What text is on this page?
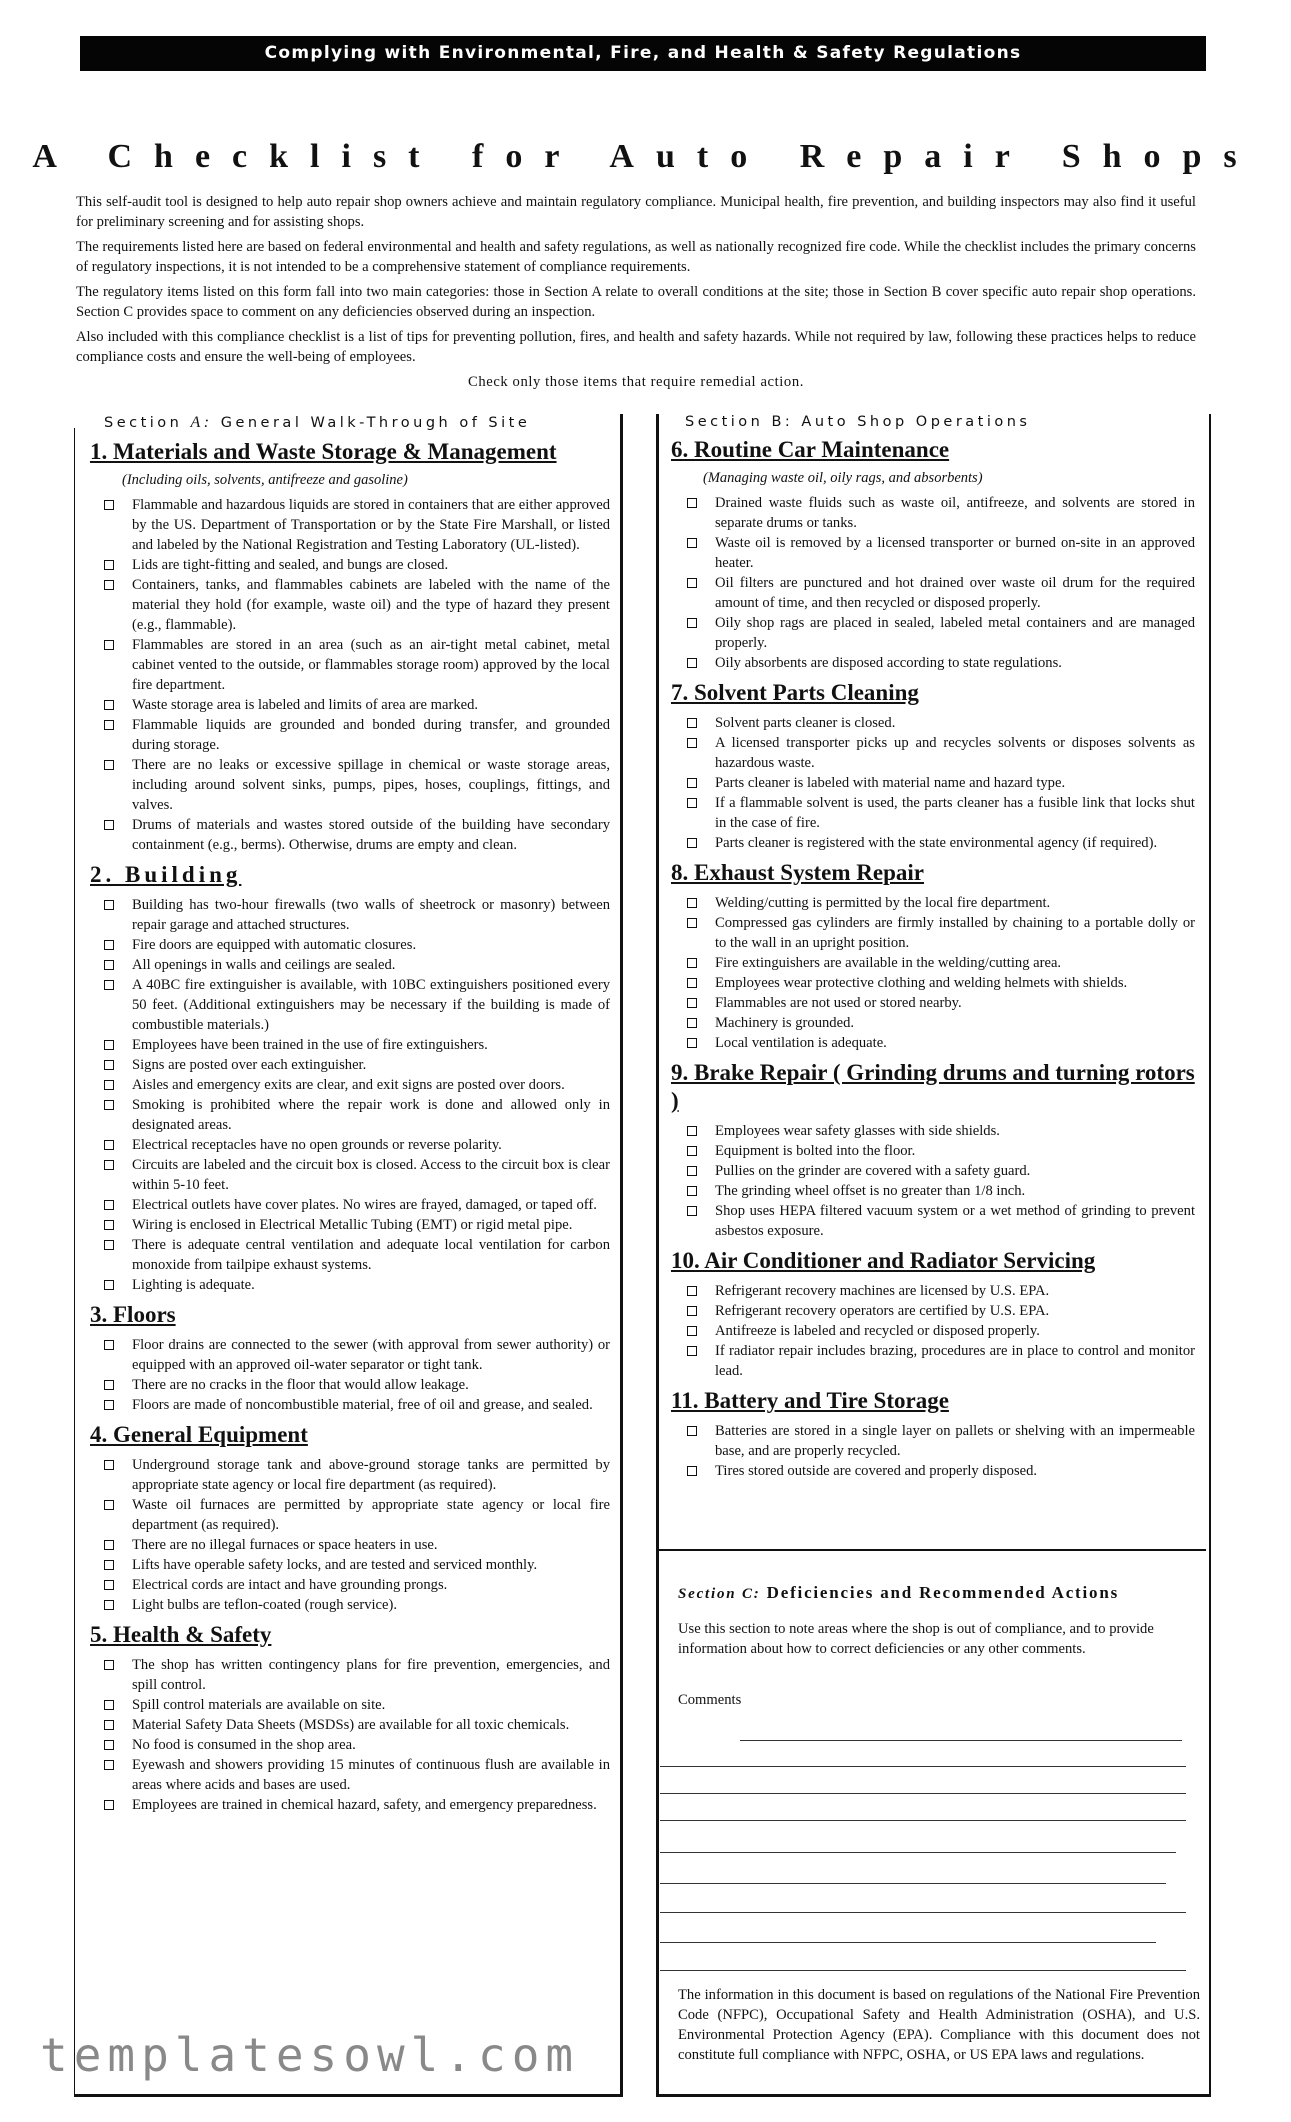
Complying with Environmental, Fire, and Health & Safety Regulations
A Checklist for Auto Repair Shops

This self-audit tool is designed to help auto repair shop owners achieve and maintain regulatory compliance. Municipal health, fire prevention, and building inspectors may also find it useful for preliminary screening and for assisting shops.

The requirements listed here are based on federal environmental and health and safety regulations, as well as nationally recognized fire code. While the checklist includes the primary concerns of regulatory inspections, it is not intended to be a comprehensive statement of compliance requirements.

The regulatory items listed on this form fall into two main categories: those in Section A relate to overall conditions at the site; those in Section B cover specific auto repair shop operations. Section C provides space to comment on any deficiencies observed during an inspection.

Also included with this compliance checklist is a list of tips for preventing pollution, fires, and health and safety hazards. While not required by law, following these practices helps to reduce compliance costs and ensure the well-being of employees.

Check only those items that require remedial action.

Section A: General Walk-Through of Site
1. Materials and Waste Storage & Management
(Including oils, solvents, antifreeze and gasoline)
Flammable and hazardous liquids are stored in containers that are either approved by the US. Department of Transportation or by the State Fire Marshall, or listed and labeled by the National Registration and Testing Laboratory (UL-listed).
Lids are tight-fitting and sealed, and bungs are closed.
Containers, tanks, and flammables cabinets are labeled with the name of the material they hold (for example, waste oil) and the type of hazard they present (e.g., flammable).
Flammables are stored in an area (such as an air-tight metal cabinet, metal cabinet vented to the outside, or flammables storage room) approved by the local fire department.
Waste storage area is labeled and limits of area are marked.
Flammable liquids are grounded and bonded during transfer, and grounded during storage.
There are no leaks or excessive spillage in chemical or waste storage areas, including around solvent sinks, pumps, pipes, hoses, couplings, fittings, and valves.
Drums of materials and wastes stored outside of the building have secondary containment (e.g., berms). Otherwise, drums are empty and clean.
2. Building
Building has two-hour firewalls (two walls of sheetrock or masonry) between repair garage and attached structures.
Fire doors are equipped with automatic closures.
All openings in walls and ceilings are sealed.
A 40BC fire extinguisher is available, with 10BC extinguishers positioned every 50 feet. (Additional extinguishers may be necessary if the building is made of combustible materials.)
Employees have been trained in the use of fire extinguishers.
Signs are posted over each extinguisher.
Aisles and emergency exits are clear, and exit signs are posted over doors.
Smoking is prohibited where the repair work is done and allowed only in designated areas.
Electrical receptacles have no open grounds or reverse polarity.
Circuits are labeled and the circuit box is closed. Access to the circuit box is clear within 5-10 feet.
Electrical outlets have cover plates. No wires are frayed, damaged, or taped off.
Wiring is enclosed in Electrical Metallic Tubing (EMT) or rigid metal pipe.
There is adequate central ventilation and adequate local ventilation for carbon monoxide from tailpipe exhaust systems.
Lighting is adequate.
3. Floors
Floor drains are connected to the sewer (with approval from sewer authority) or equipped with an approved oil-water separator or tight tank.
There are no cracks in the floor that would allow leakage.
Floors are made of noncombustible material, free of oil and grease, and sealed.
4. General Equipment
Underground storage tank and above-ground storage tanks are permitted by appropriate state agency or local fire department (as required).
Waste oil furnaces are permitted by appropriate state agency or local fire department (as required).
There are no illegal furnaces or space heaters in use.
Lifts have operable safety locks, and are tested and serviced monthly.
Electrical cords are intact and have grounding prongs.
Light bulbs are teflon-coated (rough service).
5. Health & Safety
The shop has written contingency plans for fire prevention, emergencies, and spill control.
Spill control materials are available on site.
Material Safety Data Sheets (MSDSs) are available for all toxic chemicals.
No food is consumed in the shop area.
Eyewash and showers providing 15 minutes of continuous flush are available in areas where acids and bases are used.
Employees are trained in chemical hazard, safety, and emergency preparedness.
Section B: Auto Shop Operations
6. Routine Car Maintenance
(Managing waste oil, oily rags, and absorbents)
Drained waste fluids such as waste oil, antifreeze, and solvents are stored in separate drums or tanks.
Waste oil is removed by a licensed transporter or burned on-site in an approved heater.
Oil filters are punctured and hot drained over waste oil drum for the required amount of time, and then recycled or disposed properly.
Oily shop rags are placed in sealed, labeled metal containers and are managed properly.
Oily absorbents are disposed according to state regulations.
7. Solvent Parts Cleaning
Solvent parts cleaner is closed.
A licensed transporter picks up and recycles solvents or disposes solvents as hazardous waste.
Parts cleaner is labeled with material name and hazard type.
If a flammable solvent is used, the parts cleaner has a fusible link that locks shut in the case of fire.
Parts cleaner is registered with the state environmental agency (if required).
8. Exhaust System Repair
Welding/cutting is permitted by the local fire department.
Compressed gas cylinders are firmly installed by chaining to a portable dolly or to the wall in an upright position.
Fire extinguishers are available in the welding/cutting area.
Employees wear protective clothing and welding helmets with shields.
Flammables are not used or stored nearby.
Machinery is grounded.
Local ventilation is adequate.
9. Brake Repair ( Grinding drums and turning rotors )
Employees wear safety glasses with side shields.
Equipment is bolted into the floor.
Pullies on the grinder are covered with a safety guard.
The grinding wheel offset is no greater than 1/8 inch.
Shop uses HEPA filtered vacuum system or a wet method of grinding to prevent asbestos exposure.
10. Air Conditioner and Radiator Servicing
Refrigerant recovery machines are licensed by U.S. EPA.
Refrigerant recovery operators are certified by U.S. EPA.
Antifreeze is labeled and recycled or disposed properly.
If radiator repair includes brazing, procedures are in place to control and monitor lead.
11. Battery and Tire Storage
Batteries are stored in a single layer on pallets or shelving with an impermeable base, and are properly recycled.
Tires stored outside are covered and properly disposed.
Section C: Deficiencies and Recommended Actions
Use this section to note areas where the shop is out of compliance, and to provide information about how to correct deficiencies or any other comments.
Comments
The information in this document is based on regulations of the National Fire Prevention Code (NFPC), Occupational Safety and Health Administration (OSHA), and U.S. Environmental Protection Agency (EPA). Compliance with this document does not constitute full compliance with NFPC, OSHA, or US EPA laws and regulations.
templatesowl.com
